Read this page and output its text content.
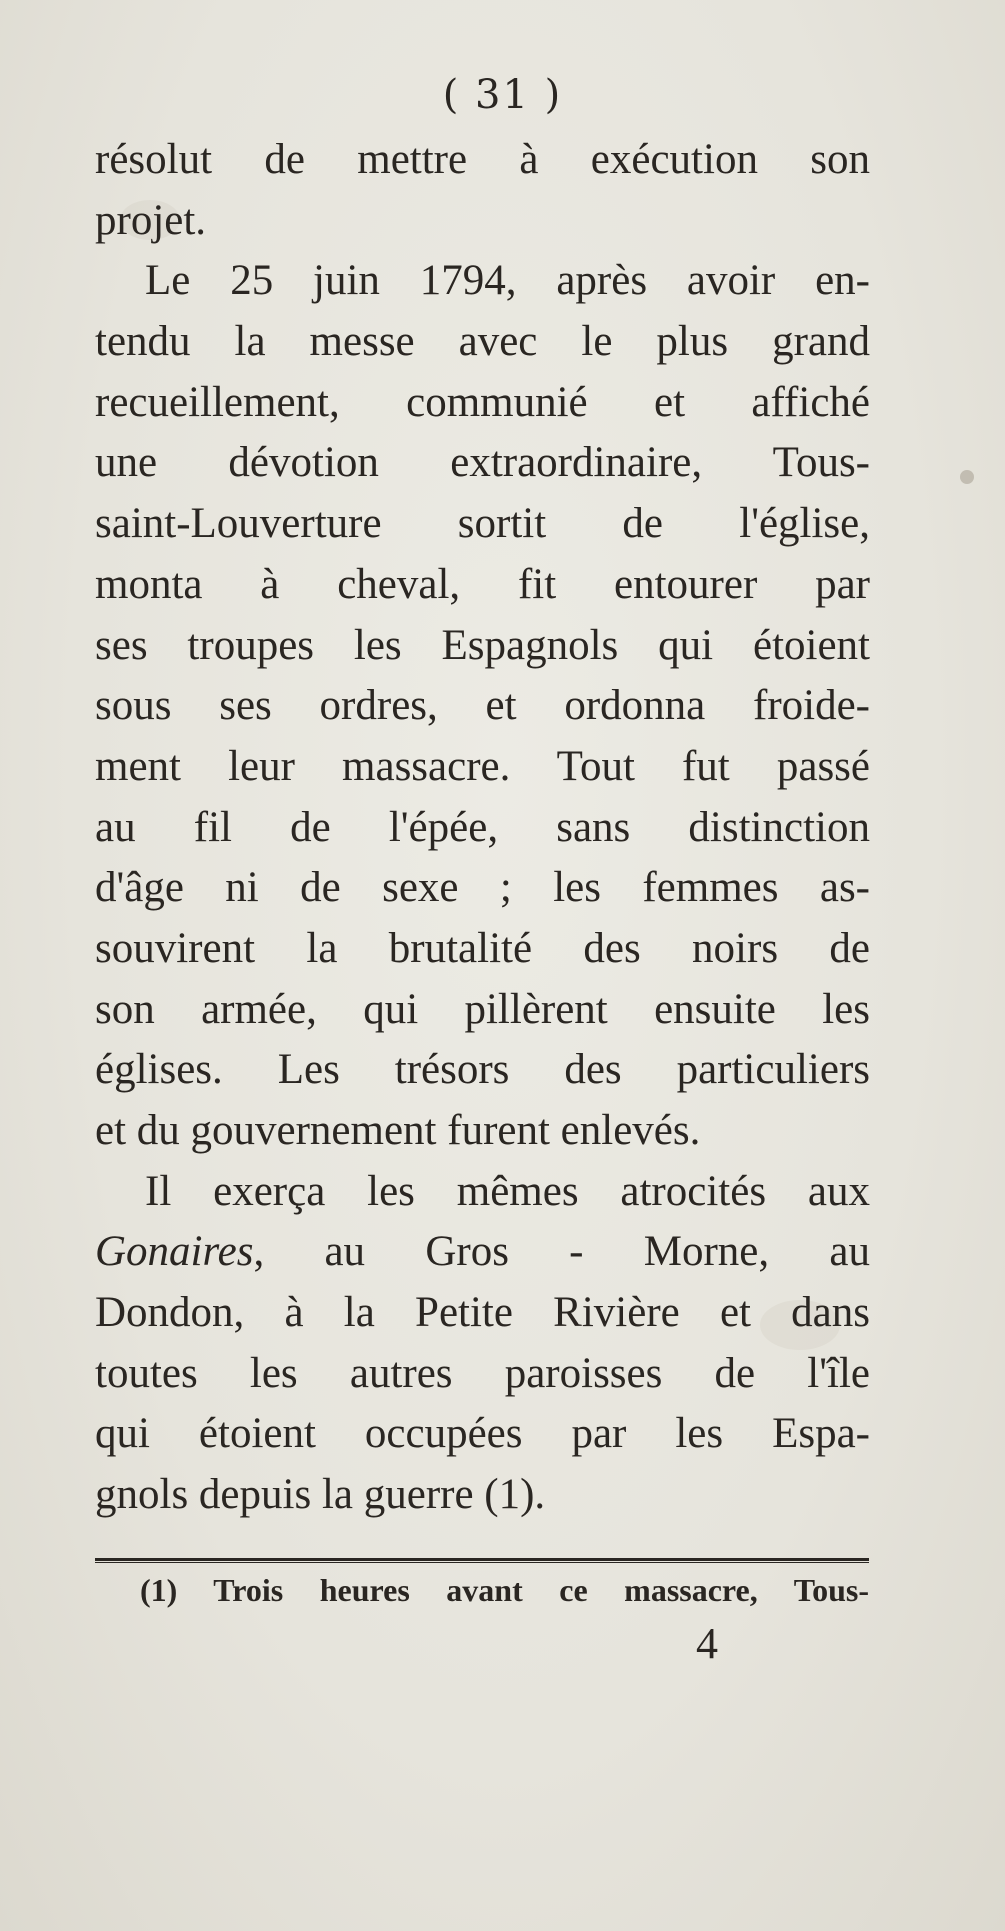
( 31 )
résolut de mettre à exécution son
projet.
Le 25 juin 1794, après avoir en-
tendu la messe avec le plus grand
recueillement, communié et affiché
une dévotion extraordinaire, Tous-
saint-Louverture sortit de l'église,
monta à cheval, fit entourer par
ses troupes les Espagnols qui étoient
sous ses ordres, et ordonna froide-
ment leur massacre. Tout fut passé
au fil de l'épée, sans distinction
d'âge ni de sexe ; les femmes as-
souvirent la brutalité des noirs de
son armée, qui pillèrent ensuite les
églises. Les trésors des particuliers
et du gouvernement furent enlevés.
Il exerça les mêmes atrocités aux
Gonaires, au Gros - Morne, au
Dondon, à la Petite Rivière et dans
toutes les autres paroisses de l'île
qui étoient occupées par les Espa-
gnols depuis la guerre (1).
(1) Trois heures avant ce massacre, Tous-
4
